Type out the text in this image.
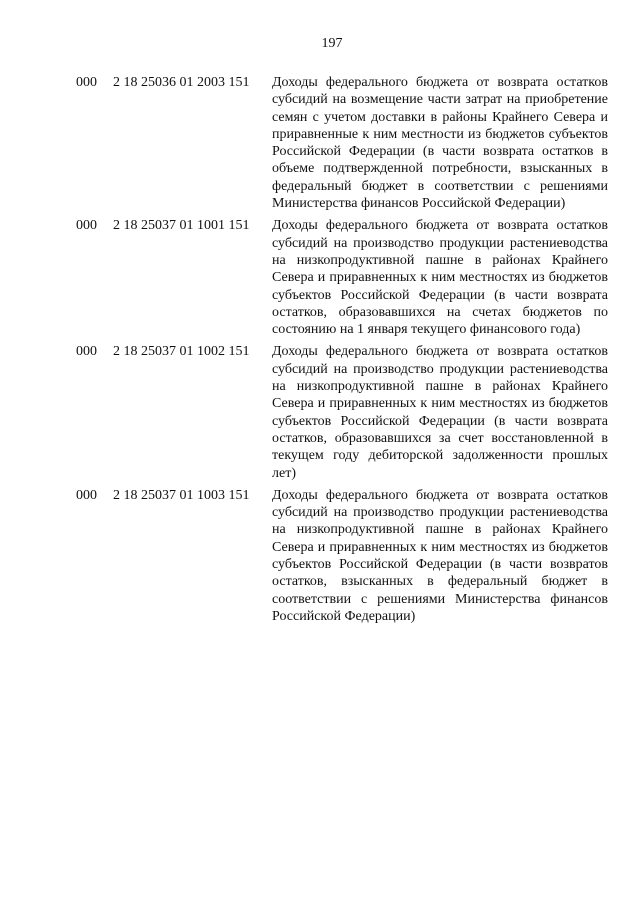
197
000	2 18 25036 01 2003 151	Доходы федерального бюджета от возврата остатков субсидий на возмещение части затрат на приобретение семян с учетом доставки в районы Крайнего Севера и приравненные к ним местности из бюджетов субъектов Российской Федерации (в части возврата остатков в объеме подтвержденной потребности, взысканных в федеральный бюджет в соответствии с решениями Министерства финансов Российской Федерации)
000	2 18 25037 01 1001 151	Доходы федерального бюджета от возврата остатков субсидий на производство продукции растениеводства на низкопродуктивной пашне в районах Крайнего Севера и приравненных к ним местностях из бюджетов субъектов Российской Федерации (в части возврата остатков, образовавшихся на счетах бюджетов по состоянию на 1 января текущего финансового года)
000	2 18 25037 01 1002 151	Доходы федерального бюджета от возврата остатков субсидий на производство продукции растениеводства на низкопродуктивной пашне в районах Крайнего Севера и приравненных к ним местностях из бюджетов субъектов Российской Федерации (в части возврата остатков, образовавшихся за счет восстановленной в текущем году дебиторской задолженности прошлых лет)
000	2 18 25037 01 1003 151	Доходы федерального бюджета от возврата остатков субсидий на производство продукции растениеводства на низкопродуктивной пашне в районах Крайнего Севера и приравненных к ним местностях из бюджетов субъектов Российской Федерации (в части возвратов остатков, взысканных в федеральный бюджет в соответствии с решениями Министерства финансов Российской Федерации)
